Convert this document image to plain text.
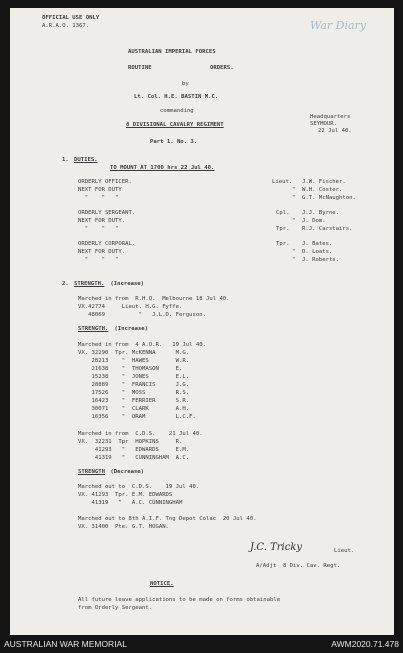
OFFICIAL USE ONLY
A.R.A.O. 1367.	War Diary
AUSTRALIAN IMPERIAL FORCES
ROUTINE	ORDERS.
by
Lt. Col. H.E. BASTIN M.C.
commanding
8 DIVISIONAL CAVALRY REGIMENT
Headquarters
SEYMOUR.
22 Jul 40.
Part 1. No. 3.
1. DUTIES.
TO MOUNT AT 1700 hrs 22 Jul 40.
ORDERLY OFFICER.	Lieut. J.W. Fischer.
NEXT FOR DUTY	" W.H. Coster.
"    "   "	" G.T. McNaughton.
ORDERLY SERGEANT.	Cpl. J.J. Byrne.
NEXT FOR DUTY.	" J. Dom.
"    "   "	Tpr. R.J. Carstairs.
ORDERLY CORPORAL.	Tpr. J. Bates.
NEXT FOR DUTY.	" D. Loats.
"    "   "	" J. Roberts.
2. STRENGTH. (Increase)
Marched in from  R.H.Q.  Melbourne 18 Jul 40.
VX.42774     Lieut. H.G. Fyffe.
48069          "   J.L.D. Ferguson.
STRENGTH. (Increase)
Marched in from  4 A.O.R.   19 Jul 40.
VX. 32290  Tpr. McKENNA      M.G.
28213    "  HAWES        W.R.
21638    "  THOMASON     E.
15238    "  JONES        E.L.
28889    "  FRANCIS      J.G.
17526    "  MOSS         R.S.
16423    "  FERRIER      S.R.
30071    "  CLARK        A.H.
16356    "  ORAM         L.C.F.
Marched in from  C.D.S.    21 Jul 40.
VX.  32231  Tpr  HOPKINS     R.
41293   "   EDWARDS     E.M.
41319   "   CUNNINGHAM  A.C.
STRENGTH (Decrease)
Marched out to  C.D.S.    19 Jul 40.
VX. 41293  Tpr. E.M. EDWARDS
41319   "   A.C. CUNNINGHAM
Marched out to 8th A.I.F. Tng Depot Colac  20 Jul 40.
VX. 31400  Pte. G.T. HOGAN.
J.C. Tricky	Lieut.
A/Adjt  8 Div. Cav. Regt.
NOTICE.
All future leave applications to be made on forms obtainable
from Orderly Sergeant.
AUSTRALIAN WAR MEMORIAL	AWM2020.71.478
